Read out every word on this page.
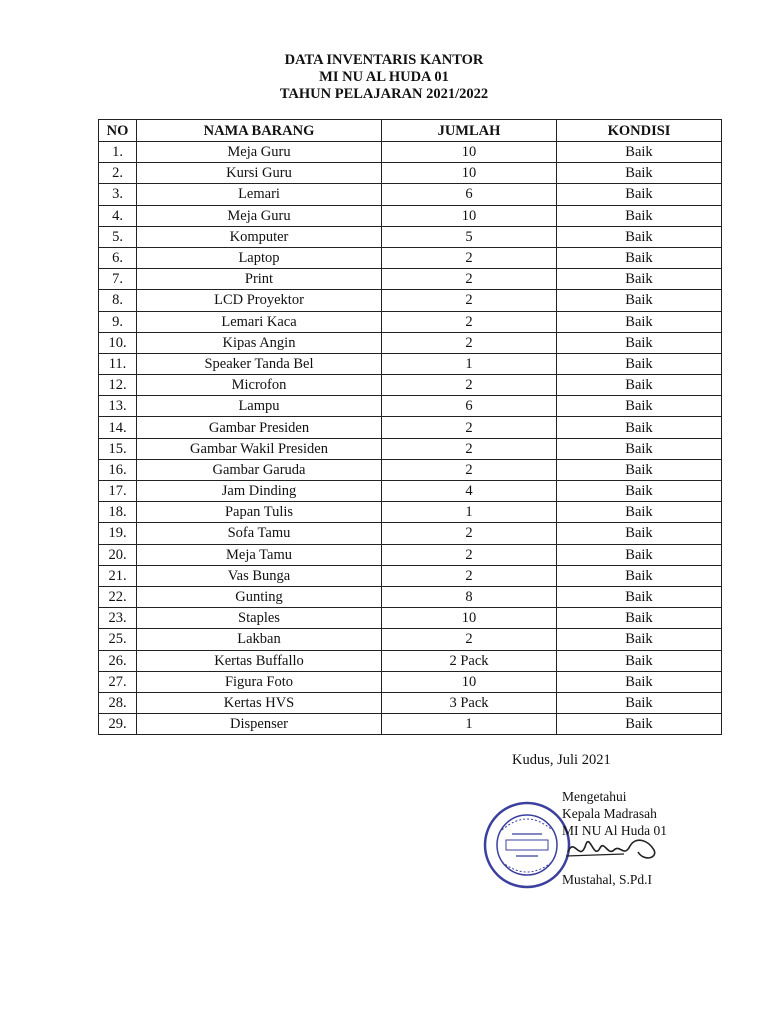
DATA INVENTARIS KANTOR
MI NU AL HUDA 01
TAHUN PELAJARAN 2021/2022
NO	NAMA BARANG	JUMLAH	KONDISI
1.	Meja Guru	10	Baik
2.	Kursi Guru	10	Baik
3.	Lemari	6	Baik
4.	Meja Guru	10	Baik
5.	Komputer	5	Baik
6.	Laptop	2	Baik
7.	Print	2	Baik
8.	LCD Proyektor	2	Baik
9.	Lemari Kaca	2	Baik
10.	Kipas Angin	2	Baik
11.	Speaker Tanda Bel	1	Baik
12.	Microfon	2	Baik
13.	Lampu	6	Baik
14.	Gambar Presiden	2	Baik
15.	Gambar Wakil Presiden	2	Baik
16.	Gambar Garuda	2	Baik
17.	Jam Dinding	4	Baik
18.	Papan Tulis	1	Baik
19.	Sofa Tamu	2	Baik
20.	Meja Tamu	2	Baik
21.	Vas Bunga	2	Baik
22.	Gunting	8	Baik
23.	Staples	10	Baik
25.	Lakban	2	Baik
26.	Kertas Buffallo	2 Pack	Baik
27.	Figura Foto	10	Baik
28.	Kertas HVS	3 Pack	Baik
29.	Dispenser	1	Baik
Kudus, Juli 2021
Mengetahui
Kepala Madrasah
MI NU Al Huda 01
Mustahal, S.Pd.I
